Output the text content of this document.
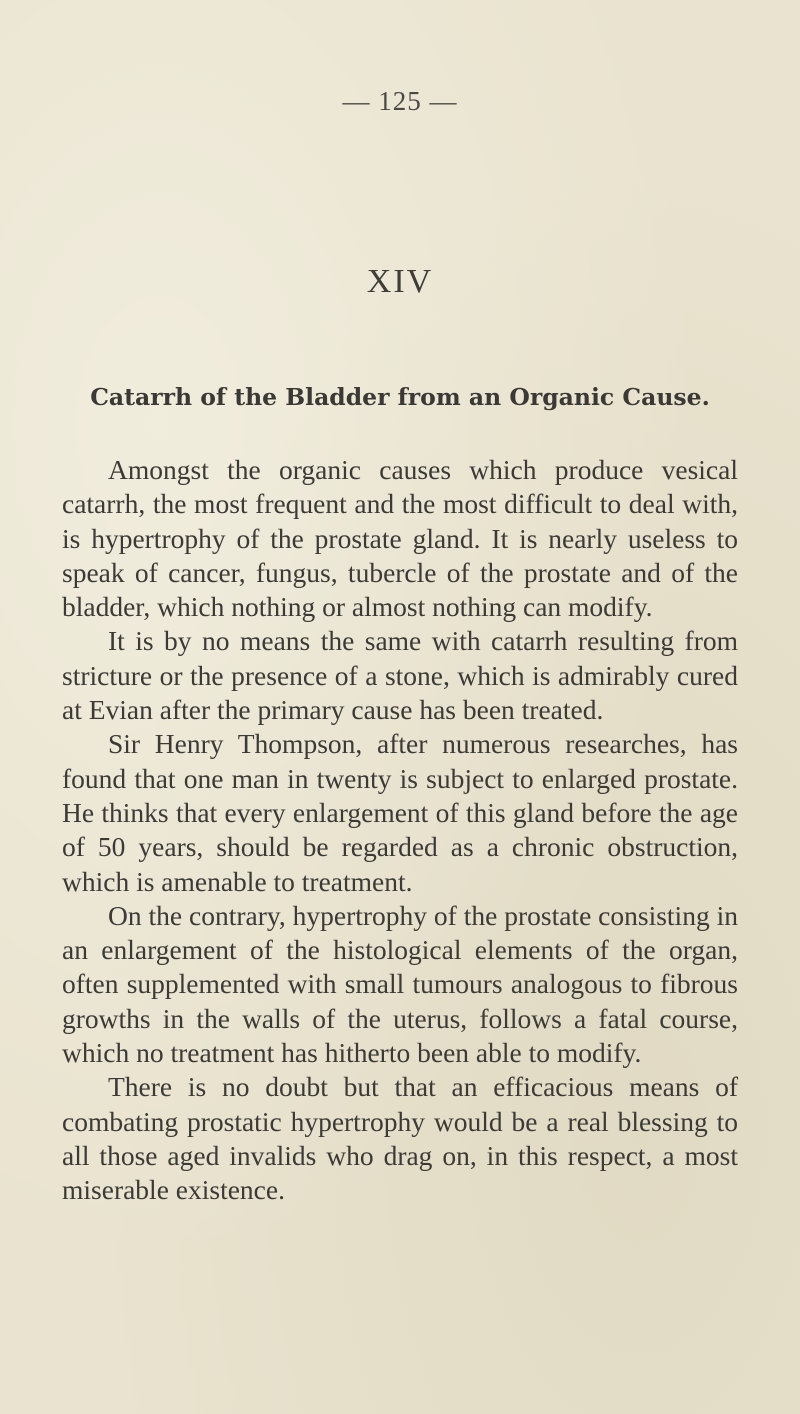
— 125 —
XIV
Catarrh of the Bladder from an Organic Cause.

Amongst the organic causes which produce vesical catarrh, the most frequent and the most difficult to deal with, is hypertrophy of the prostate gland. It is nearly useless to speak of cancer, fungus, tubercle of the prostate and of the bladder, which nothing or almost nothing can modify.

It is by no means the same with catarrh resulting from stricture or the presence of a stone, which is admirably cured at Evian after the primary cause has been treated.

Sir Henry Thompson, after numerous researches, has found that one man in twenty is subject to enlarged prostate. He thinks that every enlargement of this gland before the age of 50 years, should be regarded as a chronic obstruction, which is amenable to treatment.

On the contrary, hypertrophy of the prostate consisting in an enlargement of the histological elements of the organ, often supplemented with small tumours analogous to fibrous growths in the walls of the uterus, follows a fatal course, which no treatment has hitherto been able to modify.

There is no doubt but that an efficacious means of combating prostatic hypertrophy would be a real blessing to all those aged invalids who drag on, in this respect, a most miserable existence.
